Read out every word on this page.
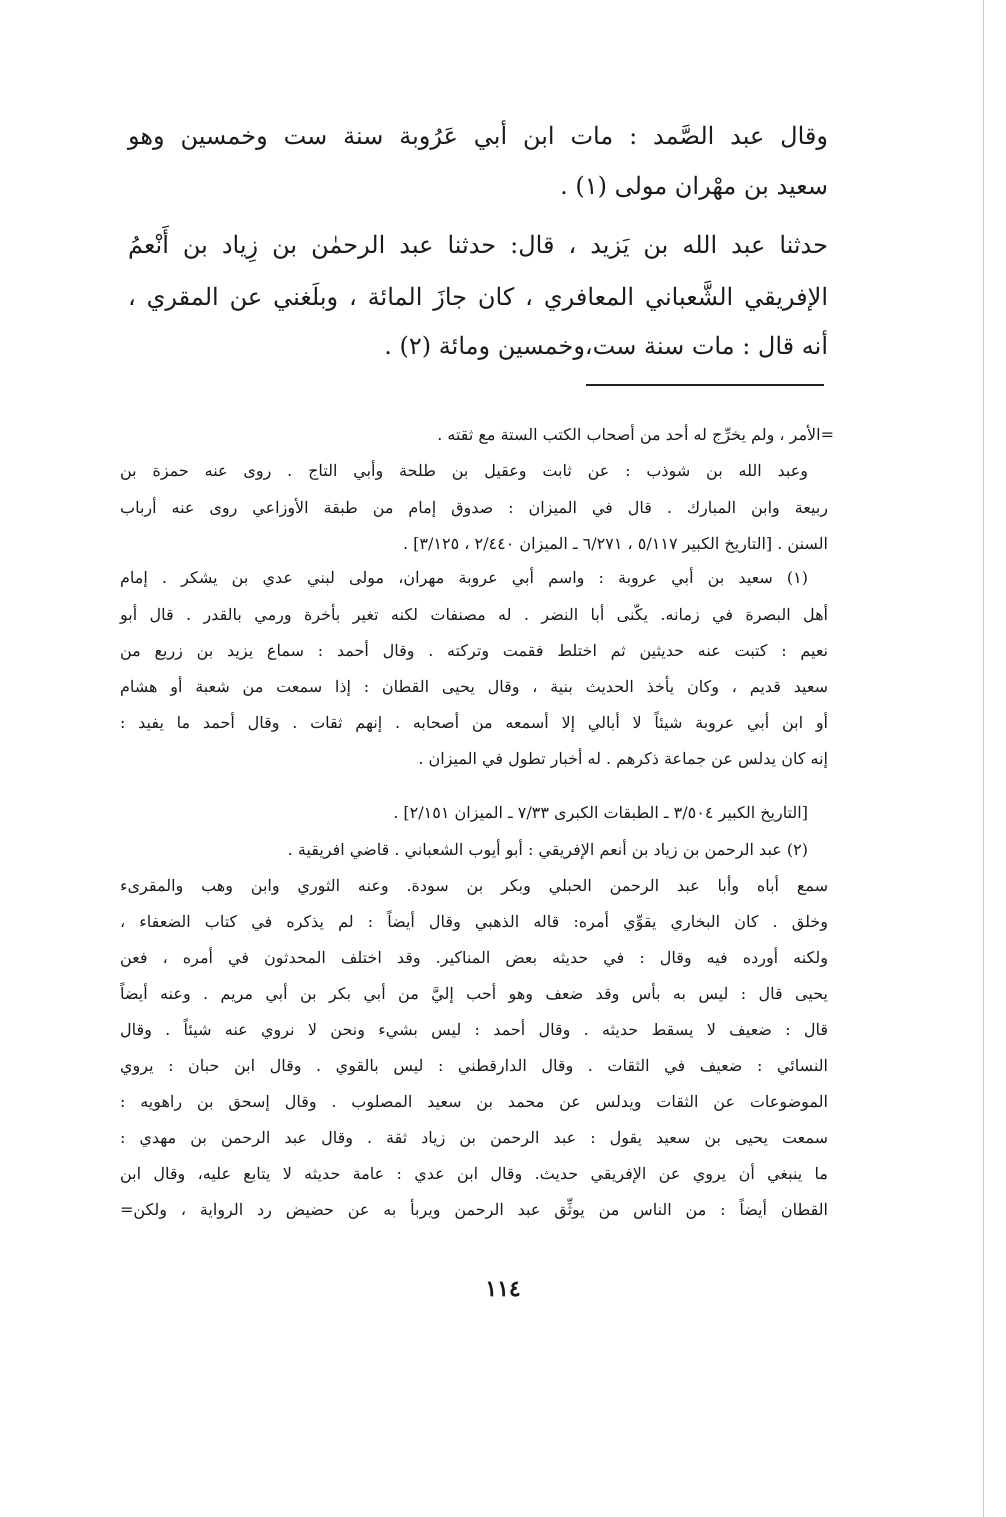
وقال عبد الصَّمد : مات ابن أبي عَرُوبة سنة ست وخمسين وهو
سعيد بن مهْران مولى (١) .
حدثنا عبد الله بن يَزيد ، قال: حدثنا عبد الرحمٰن بن زِياد بن أَنْعمُ
الإفريقي الشَّعباني المعافري ، كان جازَ المائة ، وبلَغني عن المقري ،
أنه قال : مات سنة ست،وخمسين ومائة (٢) .
=الأمر ، ولم يخرِّج له أحد من أصحاب الكتب الستة مع ثقته .
وعبد الله بن شوذب : عن ثابت وعقيل بن طلحة وأبي التاج . روى عنه حمزة بن
ربيعة وابن المبارك . قال في الميزان : صدوق إمام من طبقة الأوزاعي روى عنه أرباب
السنن . [التاريخ الكبير ٥/١١٧ ، ٦/٢٧١ ـ الميزان ٢/٤٤٠ ، ٣/١٢٥] .
(١) سعيد بن أبي عروبة : واسم أبي عروبة مهران، مولى لبني عدي بن يشكر . إمام
أهل البصرة في زمانه. يكّنى أبا النضر . له مصنفات لكنه تغير بأخرة ورمي بالقدر . قال أبو
نعيم : كتبت عنه حديثين ثم اختلط فقمت وتركته . وقال أحمد : سماع يزيد بن زريع من
سعيد قديم ، وكان يأخذ الحديث بنية ، وقال يحيى القطان : إذا سمعت من شعبة أو هشام
أو ابن أبي عروبة شيئاً لا أبالي إلا أسمعه من أصحابه . إنهم ثقات . وقال أحمد ما يفيد :
إنه كان يدلس عن جماعة ذكرهم . له أخبار تطول في الميزان .
[التاريخ الكبير ٣/٥٠٤ ـ الطبقات الكبرى ٧/٣٣ ـ الميزان ٢/١٥١] .
(٢) عبد الرحمن بن زياد بن أنعم الإفريقي : أبو أيوب الشعباني . قاضي افريقية .
سمع أباه وأبا عبد الرحمن الحبلي وبكر بن سودة. وعنه الثوري وابن وهب والمقرىء
وخلق . كان البخاري يقوِّي أمره: قاله الذهبي وقال أيضاً : لم يذكره في كتاب الضعفاء ،
ولكنه أورده فيه وقال : في حديثه بعض المناكير. وقد اختلف المحدثون في أمره ، فعن
يحيى قال : ليس به بأس وقد ضعف وهو أحب إليَّ من أبي بكر بن أبي مريم . وعنه أيضاً
قال : ضعيف لا يسقط حديثه . وقال أحمد : ليس بشيء ونحن لا نروي عنه شيئاً . وقال
النسائي : ضعيف في الثقات . وقال الدارقطني : ليس بالقوي . وقال ابن حبان : يروي
الموضوعات عن الثقات ويدلس عن محمد بن سعيد المصلوب . وقال إسحق بن راهويه :
سمعت يحيى بن سعيد يقول : عبد الرحمن بن زياد ثقة . وقال عبد الرحمن بن مهدي :
ما ينبغي أن يروي عن الإفريقي حديث. وقال ابن عدي : عامة حديثه لا يتابع عليه، وقال ابن
القطان أيضاً : من الناس من يوثِّق عبد الرحمن ويربأ به عن حضيض رد الرواية ، ولكن=
١١٤
